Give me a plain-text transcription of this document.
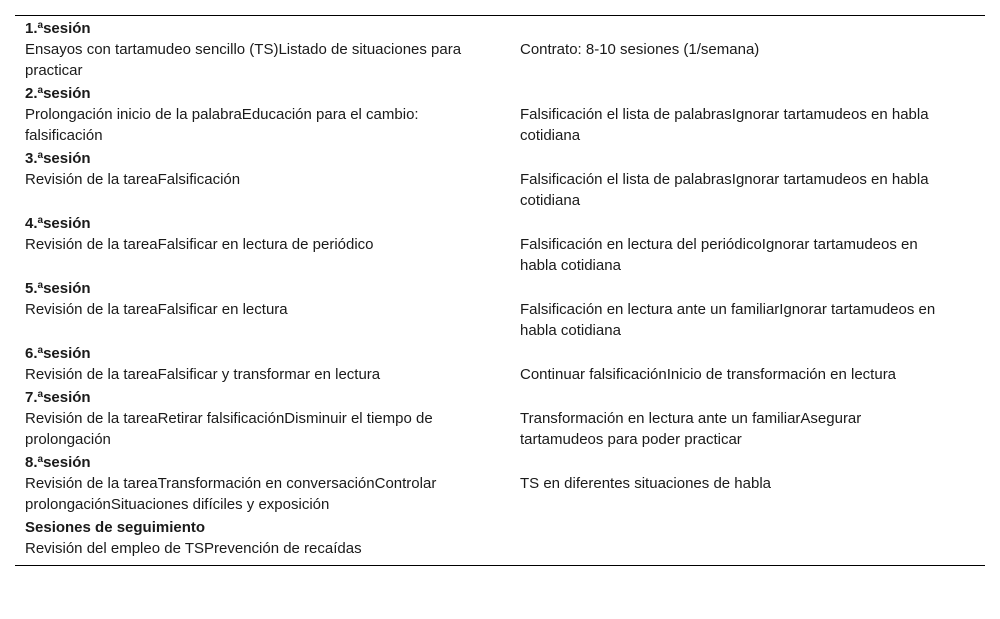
1.$^a$sesión	
Ensayos con tartamudeo sencillo (TS)Listado de situaciones para practicar	Contrato: 8-10 sesiones (1/semana)
2.$^a$sesión	
Prolongación inicio de la palabraEducación para el cambio: falsificación	Falsificación el lista de palabrasIgnorar tartamudeos en habla cotidiana
3.$^a$sesión	
Revisión de la tareaFalsificación	Falsificación el lista de palabrasIgnorar tartamudeos en habla cotidiana
4.$^a$sesión	
Revisión de la tareaFalsificar en lectura de periódico	Falsificación en lectura del periódicoIgnorar tartamudeos en habla cotidiana
5.$^a$sesión	
Revisión de la tareaFalsificar en lectura	Falsificación en lectura ante un familiarIgnorar tartamudeos en habla cotidiana
6.$^a$sesión	
Revisión de la tareaFalsificar y transformar en lectura	Continuar falsificaciónInicio de transformación en lectura
7.$^a$sesión	
Revisión de la tareaRetirar falsificaciónDisminuir el tiempo de prolongación	Transformación en lectura ante un familiarAsegurar tartamudeos para poder practicar
8.$^a$sesión	
Revisión de la tareaTransformación en conversaciónControlar prolongaciónSituaciones difíciles y exposición	TS en diferentes situaciones de habla
Sesiones de seguimiento	
Revisión del empleo de TSPrevención de recaídas	
